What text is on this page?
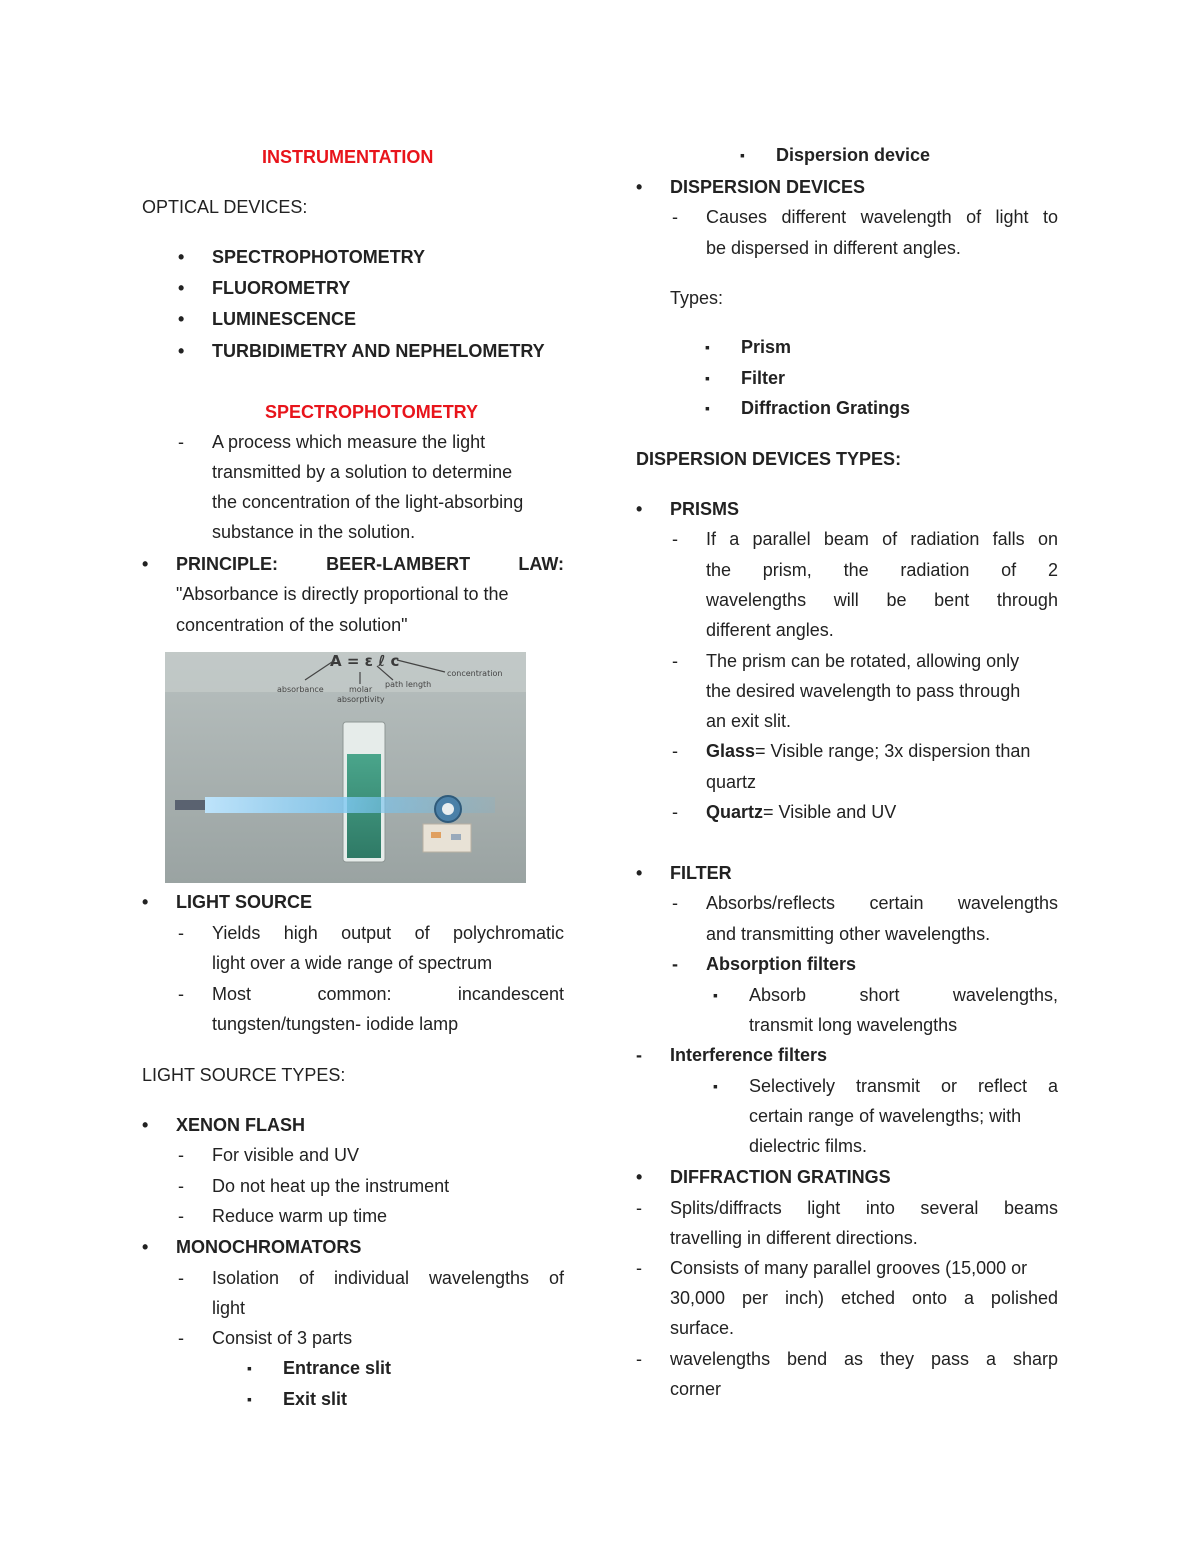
INSTRUMENTATION
OPTICAL DEVICES:
• SPECTROPHOTOMETRY
• FLUOROMETRY
• LUMINESCENCE
• TURBIDIMETRY AND NEPHELOMETRY
SPECTROPHOTOMETRY
- A process which measure the light
transmitted by a solution to determine
the concentration of the light-absorbing
substance in the solution.
• PRINCIPLE:	BEER-LAMBERT	LAW:
"Absorbance is directly proportional to the
concentration of the solution"
• LIGHT SOURCE
- Yields high output of polychromatic
light over a wide range of spectrum
- Most	common:	incandescent
tungsten/tungsten- iodide lamp
LIGHT SOURCE TYPES:
• XENON FLASH
- For visible and UV
- Do not heat up the instrument
- Reduce warm up time
• MONOCHROMATORS
- Isolation of individual wavelengths of
light
- Consist of 3 parts
▪ Entrance slit
▪ Exit slit
A = ε ℓ c
absorbance	molar
absorptivity
path length
concentration
▪ Dispersion device
• DISPERSION DEVICES
- Causes different wavelength of light to
be dispersed in different angles.
Types:
▪ Prism
▪ Filter
▪ Diffraction Gratings
DISPERSION DEVICES TYPES:
• PRISMS
- If a parallel beam of radiation falls on
the prism, the radiation of 2
wavelengths will be bent through
different angles.
- The prism can be rotated, allowing only
the desired wavelength to pass through
an exit slit.
- Glass= Visible range; 3x dispersion than
quartz
- Quartz= Visible and UV
• FILTER
- Absorbs/reflects certain wavelengths
and transmitting other wavelengths.
- Absorption filters
▪ Absorb	short	wavelengths,
transmit long wavelengths
- Interference filters
▪ Selectively transmit or reflect a
certain range of wavelengths; with
dielectric films.
• DIFFRACTION GRATINGS
- Splits/diffracts light into several beams
travelling in different directions.
- Consists of many parallel grooves (15,000 or
30,000 per inch) etched onto a polished
surface.
- wavelengths bend as they pass a sharp
corner
